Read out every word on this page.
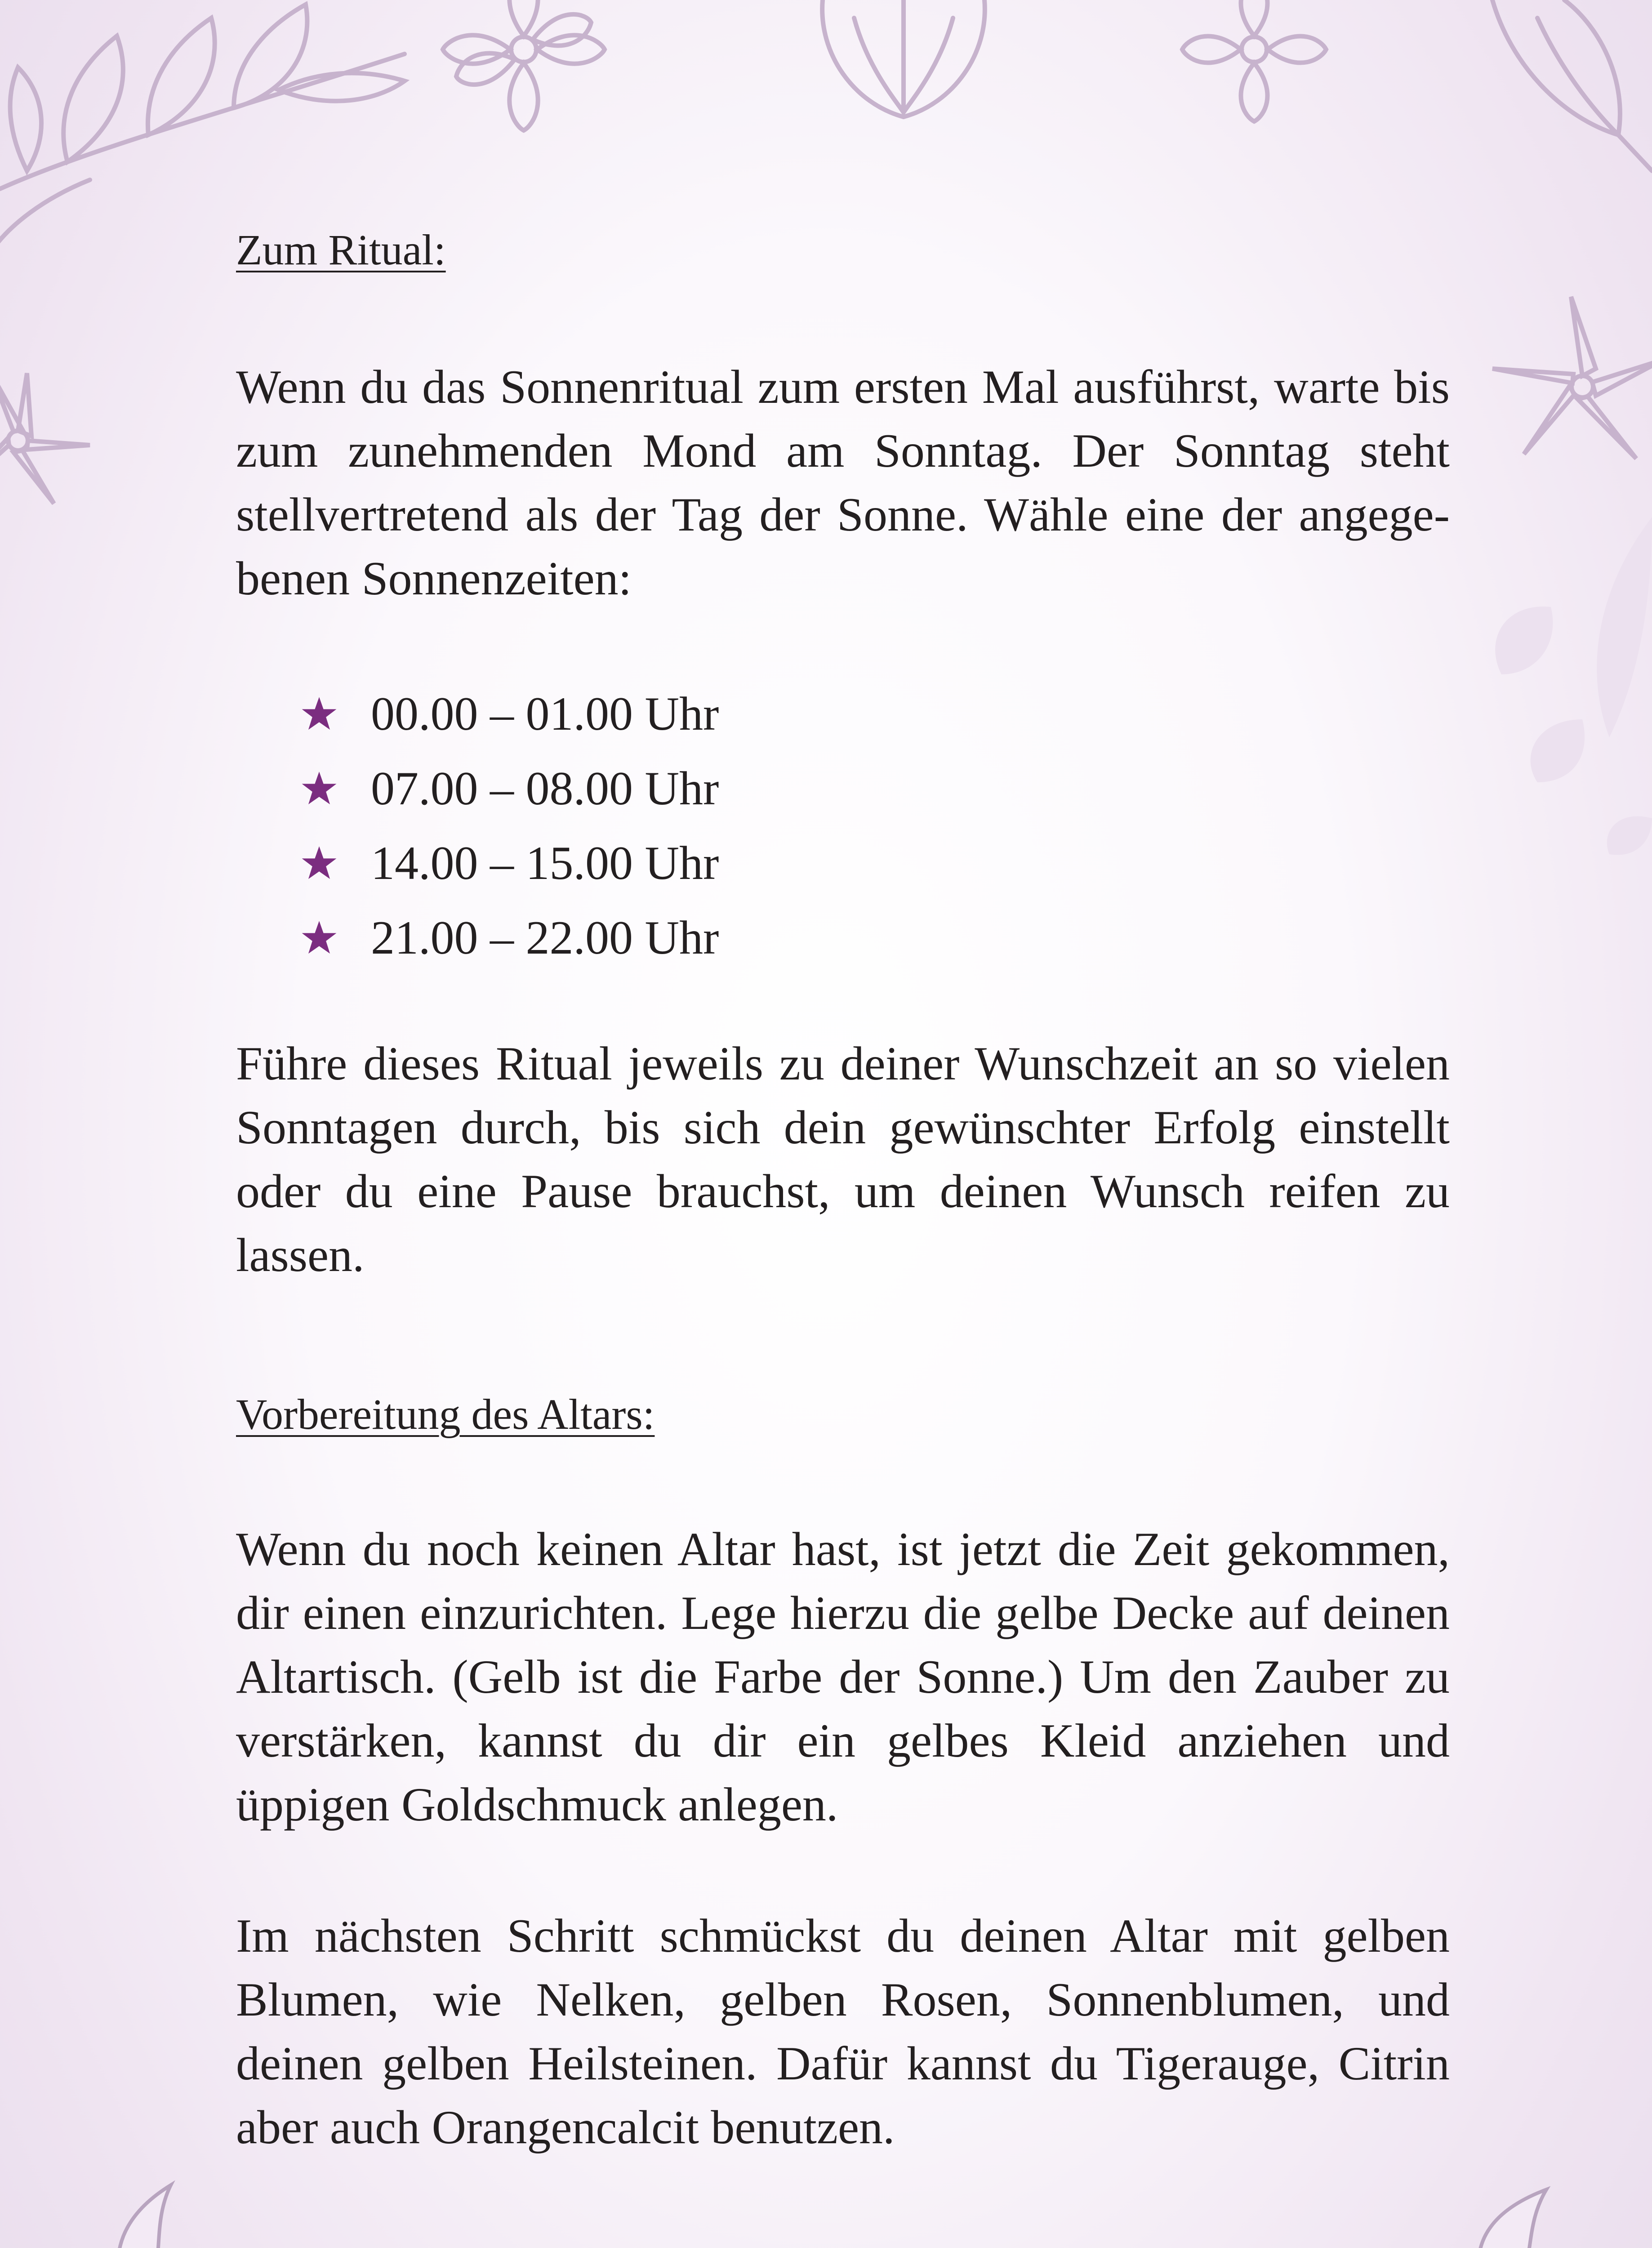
Zum Ritual:

Wenn du das Sonnenritual zum ersten Mal ausführst, warte bis zum zunehmenden Mond am Sonntag. Der Sonntag steht stellvertretend als der Tag der Sonne. Wähle eine der angegebenen Sonnenzeiten:

00.00 – 01.00 Uhr
07.00 – 08.00 Uhr
14.00 – 15.00 Uhr
21.00 – 22.00 Uhr

Führe dieses Ritual jeweils zu deiner Wunschzeit an so vielen Sonntagen durch, bis sich dein gewünschter Erfolg einstellt oder du eine Pause brauchst, um deinen Wunsch reifen zu lassen.

Vorbereitung des Altars:

Wenn du noch keinen Altar hast, ist jetzt die Zeit gekommen, dir einen einzurichten. Lege hierzu die gelbe Decke auf deinen Altartisch. (Gelb ist die Farbe der Sonne.) Um den Zauber zu verstärken, kannst du dir ein gelbes Kleid anziehen und üppigen Goldschmuck anlegen.

Im nächsten Schritt schmückst du deinen Altar mit gelben Blumen, wie Nelken, gelben Rosen, Sonnenblumen, und deinen gelben Heilsteinen. Dafür kannst du Tigerauge, Citrin aber auch Orangencalcit benutzen.
